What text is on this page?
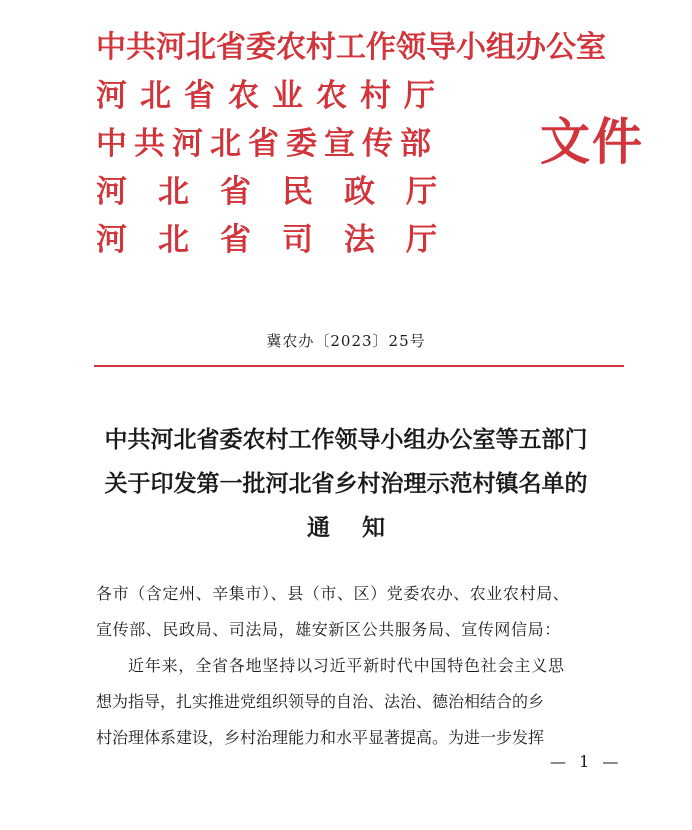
中共河北省委农村工作领导小组办公室
河北省农业农村厅
中共河北省委宣传部
河北省民政厅
河北省司法厅
文件
冀农办〔2023〕25号
中共河北省委农村工作领导小组办公室等五部门
关于印发第一批河北省乡村治理示范村镇名单的
通知

各市（含定州、辛集市）、县（市、区）党委农办、农业农村局、

宣传部、民政局、司法局，雄安新区公共服务局、宣传网信局：

近年来，全省各地坚持以习近平新时代中国特色社会主义思

想为指导，扎实推进党组织领导的自治、法治、德治相结合的乡

村治理体系建设，乡村治理能力和水平显著提高。为进一步发挥

— 1 —
